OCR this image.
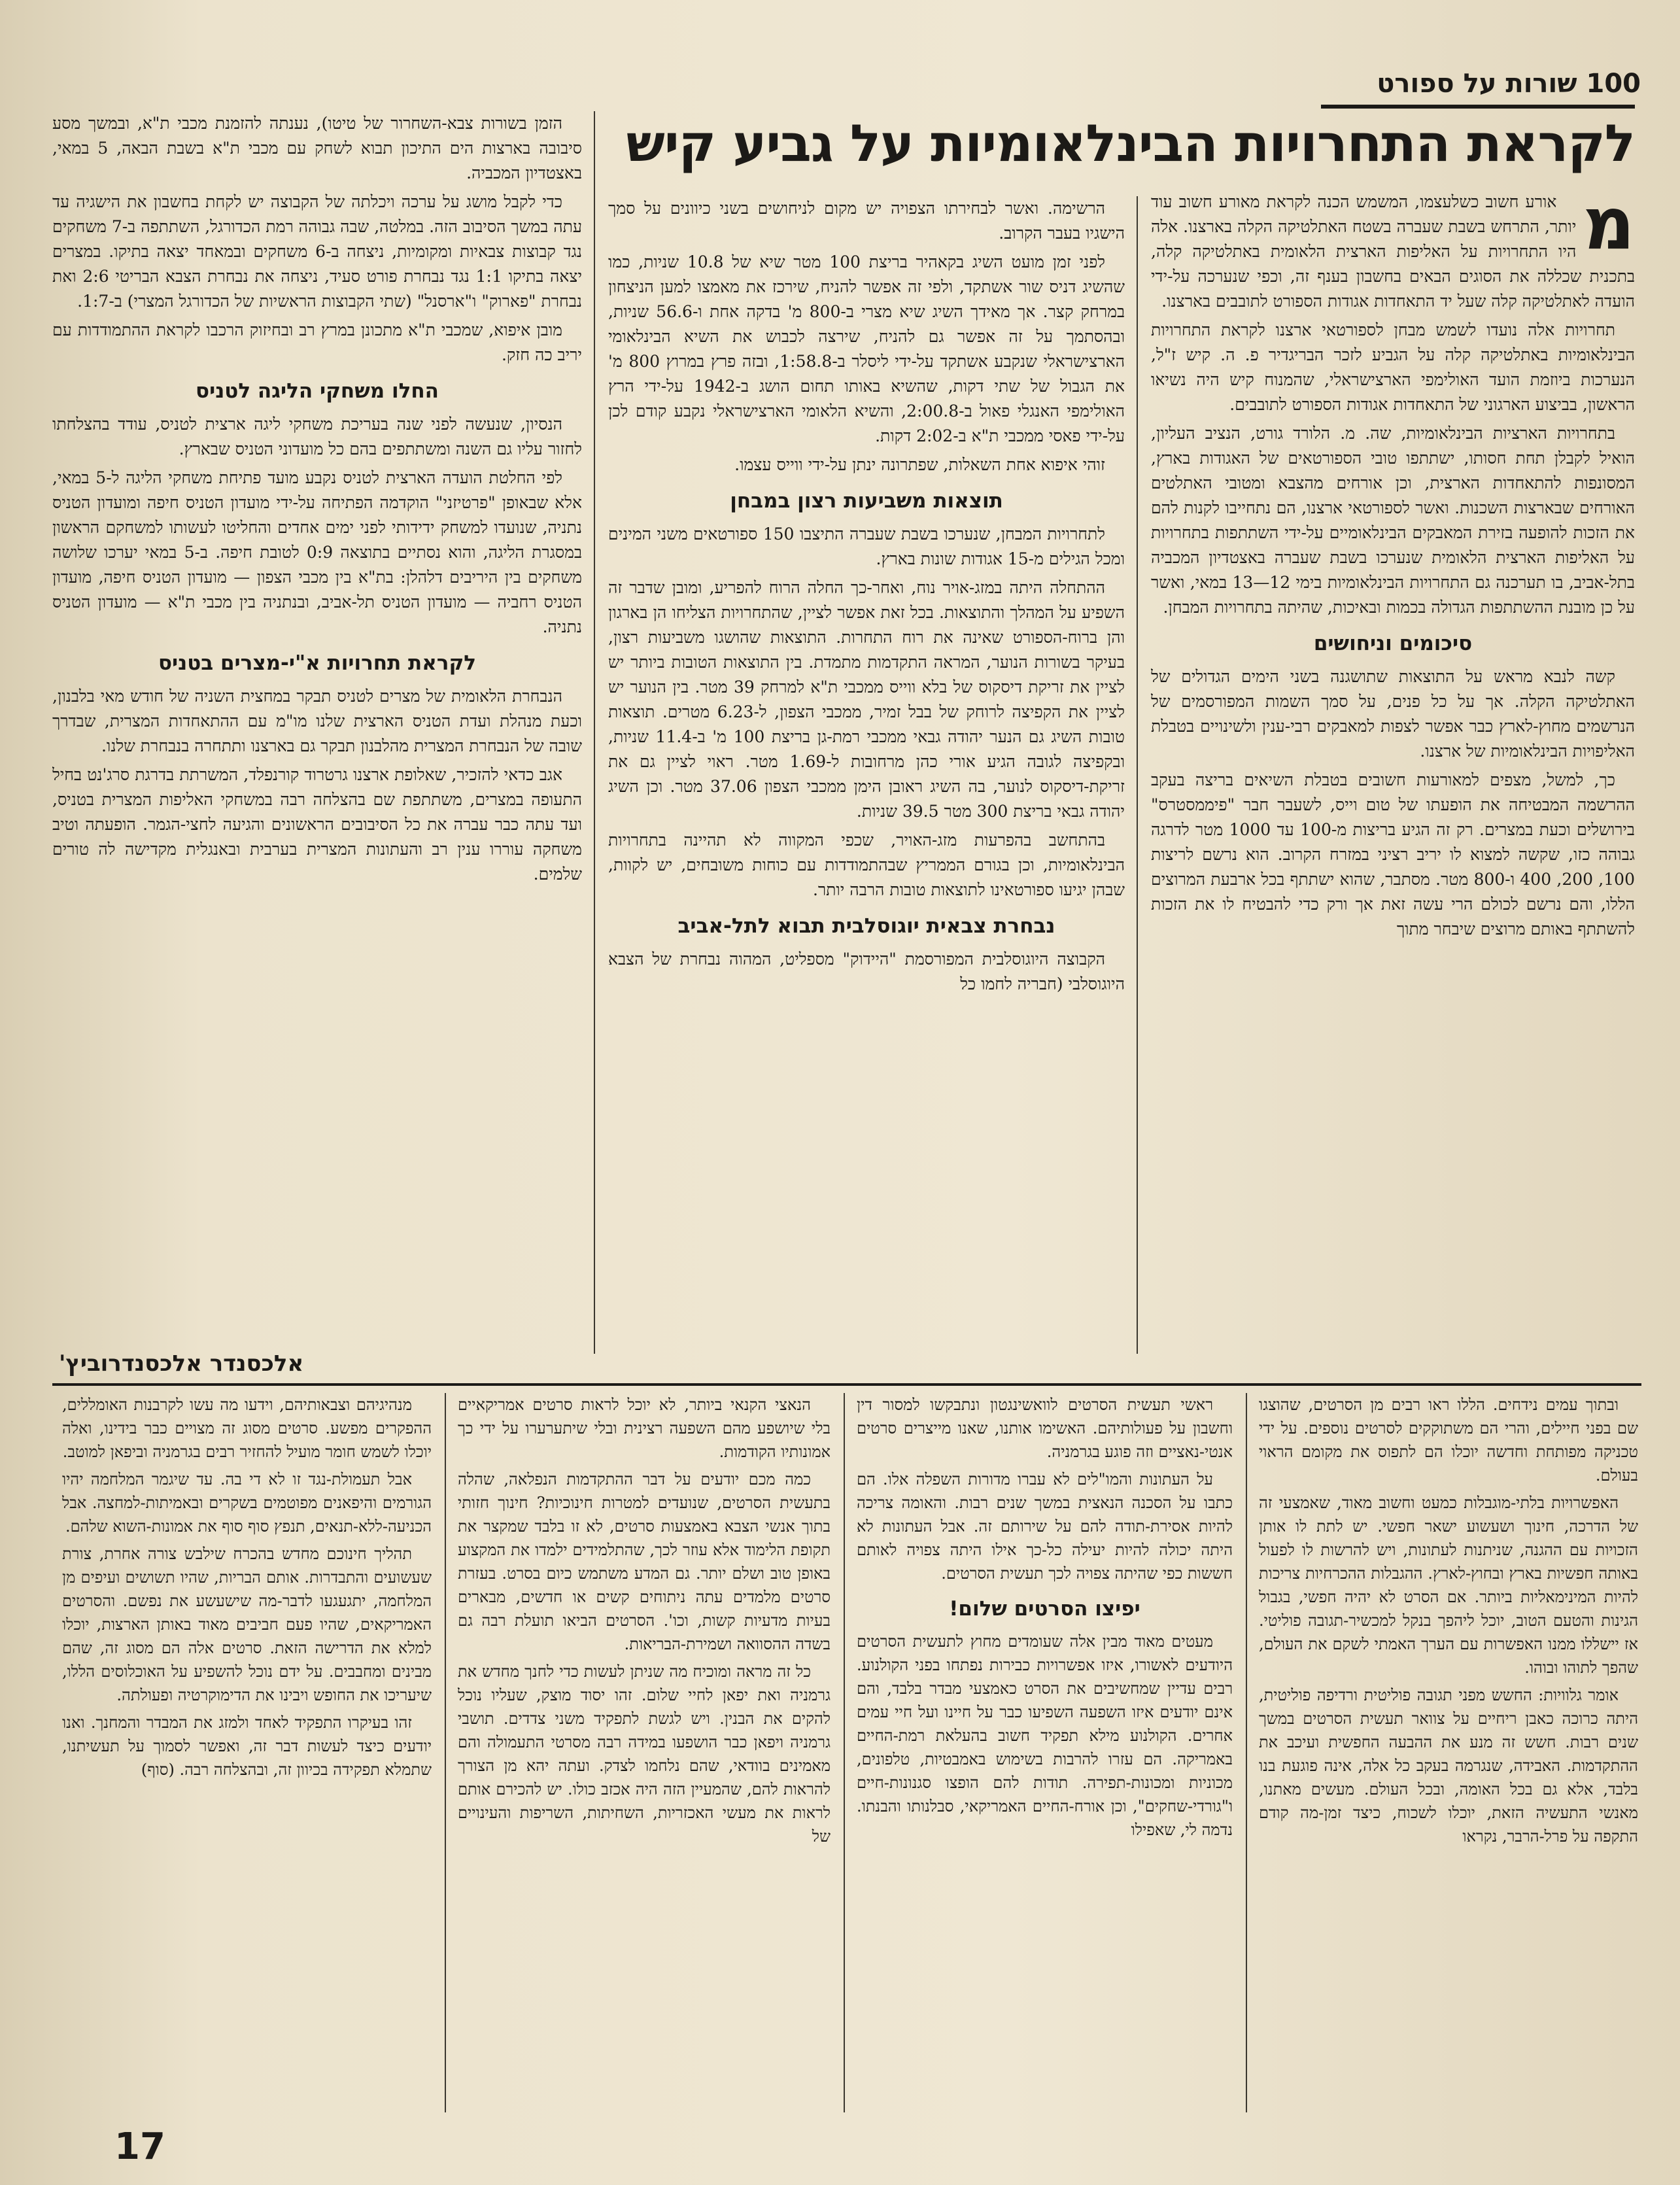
100 שורות על ספורט
לקראת התחרויות הבינלאומיות על גביע קיש
מ

אורע חשוב כשלעצמו, המשמש הכנה לקראת מאורע חשוב עוד יותר, התרחש בשבת שעברה בשטח האתלטיקה הקלה בארצנו. אלה היו התחרויות על האליפות הארצית הלאומית באתלטיקה קלה, בתכנית שכללה את הסוגים הבאים בחשבון בענף זה, וכפי שנערכה על-ידי הועדה לאתלטיקה קלה שעל יד התאחדות אגודות הספורט לתובבים בארצנו.

תחרויות אלה נועדו לשמש מבחן לספורטאי ארצנו לקראת התחרויות הבינלאומיות באתלטיקה קלה על הגביע לזכר הבריגדיר פ. ה. קיש ז"ל, הנערכות ביוזמת הועד האולימפי הארצישראלי, שהמנוח קיש היה נשיאו הראשון, בביצוע הארגוני של התאחדות אגודות הספורט לתובבים.

בתחרויות הארציות הבינלאומיות, שה. מ. הלורד גורט, הנציב העליון, הואיל לקבלן תחת חסותו, ישתתפו טובי הספורטאים של האגודות בארץ, המסונפות להתאחדות הארצית, וכן אורחים מהצבא ומטובי האתלטים האורחים שבארצות השכנות. ואשר לספורטאי ארצנו, הם נתחייבו לקנות להם את הזכות להופעה בזירת המאבקים הבינלאומיים על-ידי השתתפות בתחרויות על האליפות הארצית הלאומית שנערכו בשבת שעברה באצטדיון המכביה בתל-אביב, בו תערכנה גם התחרויות הבינלאומיות בימי 12—13 במאי, ואשר על כן מובנת ההשתתפות הגדולה בכמות ובאיכות, שהיתה בתחרויות המבחן.

סיכומים וניחושים

קשה לנבא מראש על התוצאות שתושגנה בשני הימים הגדולים של האתלטיקה הקלה. אך על כל פנים, על סמך השמות המפורסמים של הנרשמים מחוץ-לארץ כבר אפשר לצפות למאבקים רבי-ענין ולשינויים בטבלת האליפויות הבינלאומיות של ארצנו.

כך, למשל, מצפים למאורעות חשובים בטבלת השיאים בריצה בעקב ההרשמה המבטיחה את הופעתו של טום וייס, לשעבר חבר "פיממסטרס" בירושלים וכעת במצרים. רק זה הגיע בריצות מ-100 עד 1000 מטר לדרגה גבוהה כזו, שקשה למצוא לו יריב רציני במזרח הקרוב. הוא נרשם לריצות 100, 200, 400 ו-800 מטר. מסתבר, שהוא ישתתף בכל ארבעת המרוצים הללו, והם נרשם לכולם הרי עשה זאת אך ורק כדי להבטיח לו את הזכות להשתתף באותם מרוצים שיבחר מתוך

הרשימה. ואשר לבחירתו הצפויה יש מקום לניחושים בשני כיוונים על סמך הישגיו בעבר הקרוב.

לפני זמן מועט השיג בקאהיר בריצת 100 מטר שיא של 10.8 שניות, כמו שהשיג דניס שור אשתקד, ולפי זה אפשר להניח, שירכז את מאמצו למען הניצחון במרחק קצר. אך מאידך השיג שיא מצרי ב-800 מ' בדקה אחת ו-56.6 שניות, ובהסתמך על זה אפשר גם להניח, שירצה לכבוש את השיא הבינלאומי הארצישראלי שנקבע אשתקד על-ידי ליסלר ב-1:58.8, ובזה פרץ במרוץ 800 מ' את הגבול של שתי דקות, שהשיא באותו תחום הושג ב-1942 על-ידי הרץ האולימפי האנגלי פאול ב-2:00.8, והשיא הלאומי הארצישראלי נקבע קודם לכן על-ידי פאסי ממכבי ת"א ב-2:02 דקות.

זוהי איפוא אחת השאלות, שפתרונה ינתן על-ידי ווייס עצמו.

תוצאות משביעות רצון במבחן

לתחרויות המבחן, שנערכו בשבת שעברה התיצבו 150 ספורטאים משני המינים ומכל הגילים מ-15 אגודות שונות בארץ.

ההתחלה היתה במזג-אויר נוח, ואחר-כך החלה הרוח להפריע, ומובן שדבר זה השפיע על המהלך והתוצאות. בכל זאת אפשר לציין, שהתחרויות הצליחו הן בארגון והן ברוח-הספורט שאינה את רוח התחרות. התוצאות שהושגו משביעות רצון, בעיקר בשורות הנוער, המראה התקדמות מתמדת. בין התוצאות הטובות ביותר יש לציין את זריקת דיסקוס של בלא ווייס ממכבי ת"א למרחק 39 מטר. בין הנוער יש לציין את הקפיצה לרוחק של בבל זמיר, ממכבי הצפון, ל-6.23 מטרים. תוצאות טובות השיג גם הנער יהודה גבאי ממכבי רמת-גן בריצת 100 מ' ב-11.4 שניות, ובקפיצה לגובה הגיע אורי כהן מרחובות ל-1.69 מטר. ראוי לציין גם את זריקת-דיסקוס לנוער, בה השיג ראובן הימן ממכבי הצפון 37.06 מטר. וכן השיג יהודה גבאי בריצת 300 מטר 39.5 שניות.

בהתחשב בהפרעות מזג-האויר, שכפי המקווה לא תהיינה בתחרויות הבינלאומיות, וכן בגורם הממריץ שבהתמודדות עם כוחות משובחים, יש לקוות, שבהן יגיעו ספורטאינו לתוצאות טובות הרבה יותר.

נבחרת צבאית יוגוסלבית תבוא לתל-אביב

הקבוצה היוגוסלבית המפורסמת "היידוק" מספליט, המהוה נבחרת של הצבא היוגוסלבי (חבריה לחמו כל

הזמן בשורות צבא-השחרור של טיטו), נענתה להזמנת מכבי ת"א, ובמשך מסע סיבובה בארצות הים התיכון תבוא לשחק עם מכבי ת"א בשבת הבאה, 5 במאי, באצטדיון המכביה.

כדי לקבל מושג על ערכה ויכלתה של הקבוצה יש לקחת בחשבון את הישגיה עד עתה במשך הסיבוב הזה. במלטה, שבה גבוהה רמת הכדורגל, השתתפה ב-7 משחקים נגד קבוצות צבאיות ומקומיות, ניצחה ב-6 משחקים ובמאחד יצאה בתיקו. במצרים יצאה בתיקו 1:1 נגד נבחרת פורט סעיד, ניצחה את נבחרת הצבא הבריטי 2:6 ואת נבחרת "פארוק" ו"ארסנל" (שתי הקבוצות הראשיות של הכדורגל המצרי) ב-1:7.

מובן איפוא, שמכבי ת"א מתכונן במרץ רב ובחיזוק הרכבו לקראת ההתמודדות עם יריב כה חזק.

החלו משחקי הליגה לטניס

הנסיון, שנעשה לפני שנה בעריכת משחקי ליגה ארצית לטניס, עודד בהצלחתו לחזור עליו גם השנה ומשתתפים בהם כל מועדוני הטניס שבארץ.

לפי החלטת הועדה הארצית לטניס נקבע מועד פתיחת משחקי הליגה ל-5 במאי, אלא שבאופן "פרטיזני" הוקדמה הפתיחה על-ידי מועדון הטניס חיפה ומועדון הטניס נתניה, שנועדו למשחק ידידותי לפני ימים אחדים והחליטו לעשותו למשחקם הראשון במסגרת הליגה, והוא נסתיים בתוצאה 0:9 לטובת חיפה. ב-5 במאי יערכו שלושה משחקים בין היריבים דלהלן: בת"א בין מכבי הצפון — מועדון הטניס חיפה, מועדון הטניס רחביה — מועדון הטניס תל-אביב, ובנתניה בין מכבי ת"א — מועדון הטניס נתניה.

לקראת תחרויות א"י-מצרים בטניס

הנבחרת הלאומית של מצרים לטניס תבקר במחצית השניה של חודש מאי בלבנון, וכעת מנהלת ועדת הטניס הארצית שלנו מו"מ עם ההתאחדות המצרית, שבדרך שובה של הנבחרת המצרית מהלבנון תבקר גם בארצנו ותתחרה בנבחרת שלנו.

אגב כדאי להזכיר, שאלופת ארצנו גרטרוד קורנפלד, המשרתת בדרגת סרג'נט בחיל התעופה במצרים, משתתפת שם בהצלחה רבה במשחקי האליפות המצרית בטניס, ועד עתה כבר עברה את כל הסיבובים הראשונים והגיעה לחצי-הגמר. הופעתה וטיב משחקה עוררו ענין רב והעתונות המצרית בערבית ובאנגלית מקדישה לה טורים שלמים.

אלכסנדר אלכסנדרוביץ'

ובתוך עמים נידחים. הללו ראו רבים מן הסרטים, שהוצגו שם בפני חיילים, והרי הם משתוקקים לסרטים נוספים. על ידי טכניקה מפותחת וחדשה יוכלו הם לתפוס את מקומם הראוי בעולם.

האפשרויות בלתי-מוגבלות כמעט וחשוב מאוד, שאמצעי זה של הדרכה, חינוך ושעשוע ישאר חפשי. יש לתת לו אותן הזכויות עם ההגנה, שניתנות לעתונות, ויש להרשות לו לפעול באותה חפשיות בארץ ובחוץ-לארץ. ההגבלות ההכרחיות צריכות להיות המינימאליות ביותר. אם הסרט לא יהיה חפשי, בגבול הגינות והטעם הטוב, יוכל ליהפך בנקל למכשיר-תגובה פוליטי. אז יישללו ממנו האפשרות עם הערך האמתי לשקם את העולם, שהפך לתוהו ובוהו.

אומר גלוויות: החשש מפני תגובה פוליטית ורדיפה פוליטית, היתה כרוכה כאבן ריחיים על צוואר תעשית הסרטים במשך שנים רבות. חשש זה מנע את ההבעה החפשית ועיכב את ההתקדמות. האבידה, שנגרמה בעקב כל אלה, אינה פוגעת בנו בלבד, אלא גם בכל האומה, ובכל העולם. מעשים מאתנו, מאנשי התעשיה הזאת, יוכלו לשכוח, כיצד זמן-מה קודם התקפה על פרל-הרבר, נקראו

ראשי תעשית הסרטים לוואשינגטון ונתבקשו למסור דין וחשבון על פעולותיהם. האשימו אותנו, שאנו מייצרים סרטים אנטי-נאציים וזה פוגע בגרמניה.

על העתונות והמו"לים לא עברו מדורות השפלה אלו. הם כתבו על הסכנה הנאצית במשך שנים רבות. והאומה צריכה להיות אסירת-תודה להם על שירותם זה. אבל העתונות לא היתה יכולה להיות יעילה כל-כך אילו היתה צפויה לאותם חששות כפי שהיתה צפויה לכך תעשית הסרטים.

יפיצו הסרטים שלום!

מעטים מאוד מבין אלה שעומדים מחוץ לתעשית הסרטים היודעים לאשורו, איזו אפשרויות כבירות נפתחו בפני הקולנוע. רבים עדיין שמחשיבים את הסרט כאמצעי מבדר בלבד, והם אינם יודעים איזו השפעה השפיעו כבר על חיינו ועל חיי עמים אחרים. הקולנוע מילא תפקיד חשוב בהעלאת רמת-החיים באמריקה. הם עזרו להרבות בשימוש באמבטיות, טלפונים, מכוניות ומכונות-תפירה. תודות להם הופצו סגנונות-חיים ו"גורדי-שחקים", וכן אורח-החיים האמריקאי, סבלנותו והבנתו. נדמה לי, שאפילו

הנאצי הקנאי ביותר, לא יוכל לראות סרטים אמריקאיים בלי שיושפע מהם השפעה רצינית ובלי שיתערערו על ידי כך אמונותיו הקודמות.

כמה מכם יודעים על דבר ההתקדמות הנפלאה, שהלה בתעשית הסרטים, שנועדים למטרות חינוכיות? חינוך חזותי בתוך אנשי הצבא באמצעות סרטים, לא זו בלבד שמקצר את תקופת הלימוד אלא עוזר לכך, שהתלמידים ילמדו את המקצוע באופן טוב ושלם יותר. גם המדע משתמש כיום בסרט. בעזרת סרטים מלמדים עתה ניתוחים קשים או חדשים, מבארים בעיות מדעיות קשות, וכו'. הסרטים הביאו תועלת רבה גם בשדה ההסוואה ושמירת-הבריאות.

כל זה מראה ומוכיח מה שניתן לעשות כדי לחנך מחדש את גרמניה ואת יפאן לחיי שלום. זהו יסוד מוצק, שעליו נוכל להקים את הבנין. ויש לגשת לתפקיד משני צדדים. תושבי גרמניה ויפאן כבר הושפעו במידה רבה מסרטי התעמולה והם מאמינים בוודאי, שהם נלחמו לצדק. ועתה יהא מן הצורך להראות להם, שהמעיין הזה היה אכזב כולו. יש להכירם אותם לראות את מעשי האכזריות, השחיתות, השריפות והעינויים של

מנהיגיהם וצבאותיהם, וידעו מה עשו לקרבנות האומללים, ההפקרים מפשע. סרטים מסוג זה מצויים כבר בידינו, ואלה יוכלו לשמש חומר מועיל להחזיר רבים בגרמניה וביפאן למוטב.

אבל תעמולת-נגד זו לא די בה. עד שיגמר המלחמה יהיו הגורמים והיפאנים מפוטמים בשקרים ובאמיתות-למחצה. אבל הכניעה-ללא-תנאים, תנפץ סוף סוף את אמונות-השוא שלהם.

תהליך חינוכם מחדש בהכרח שילבש צורה אחרת, צורת שעשועים והתבדרות. אותם הבריות, שהיו תשושים ועיפים מן המלחמה, יתגעגעו לדבר-מה שישעשע את נפשם. והסרטים האמריקאים, שהיו פעם חביבים מאוד באותן הארצות, יוכלו למלא את הדרישה הזאת. סרטים אלה הם מסוג זה, שהם מבינים ומחבבים. על ידם נוכל להשפיע על האוכלוסים הללו, שיעריכו את החופש ויבינו את הדימוקרטיה ופעולתה.

זהו בעיקרו התפקיד לאחד ולמזג את המבדר והמחנך. ואנו יודעים כיצד לעשות דבר זה, ואפשר לסמוך על תעשיתנו, שתמלא תפקידה בכיוון זה, ובהצלחה רבה. (סוף)

17
